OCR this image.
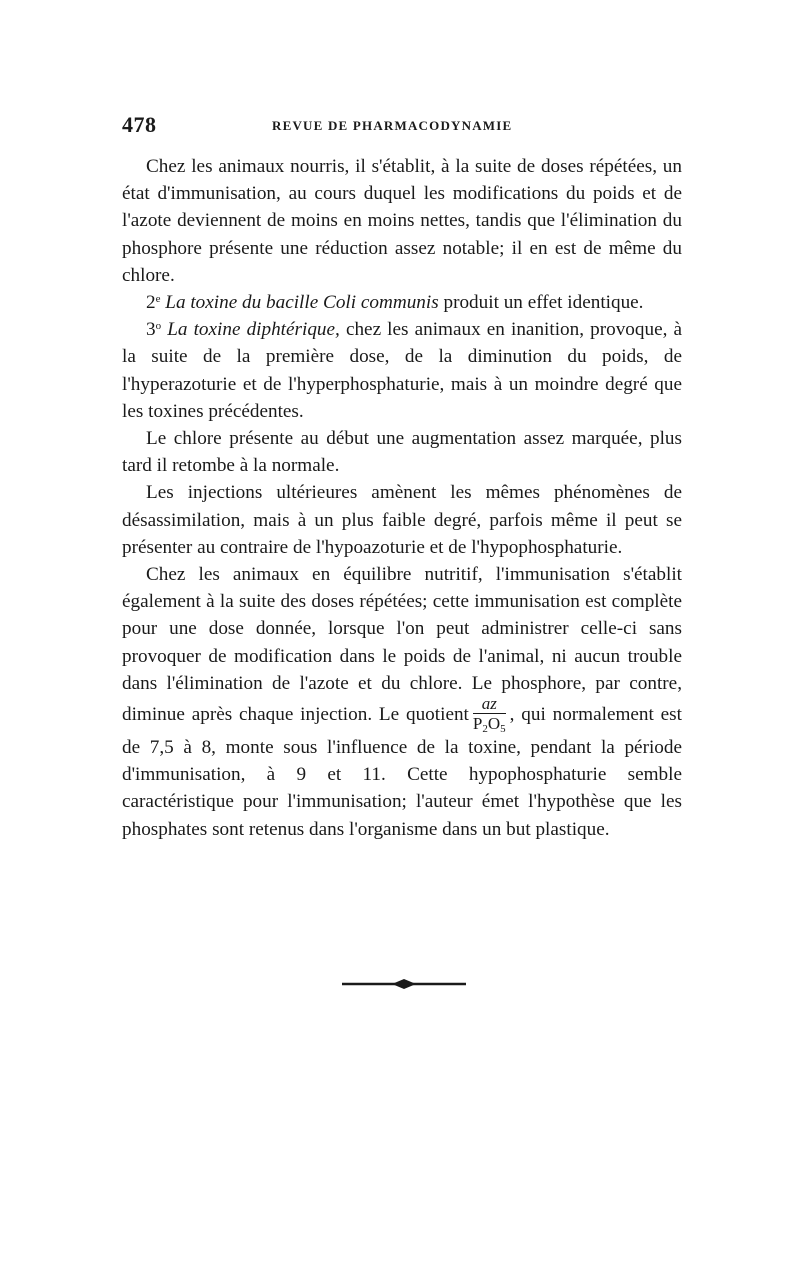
478	REVUE DE PHARMACODYNAMIE

Chez les animaux nourris, il s'établit, à la suite de doses répétées, un état d'immunisation, au cours duquel les modifications du poids et de l'azote deviennent de moins en moins nettes, tandis que l'élimination du phosphore présente une réduction assez notable; il en est de même du chlore.

2e La toxine du bacille Coli communis produit un effet identique.

3$^o$ La toxine diphtérique, chez les animaux en inanition, provoque, à la suite de la première dose, de la diminution du poids, de l'hyperazoturie et de l'hyperphosphaturie, mais à un moindre degré que les toxines précédentes.

Le chlore présente au début une augmentation assez marquée, plus tard il retombe à la normale.

Les injections ultérieures amènent les mêmes phénomènes de désassimilation, mais à un plus faible degré, parfois même il peut se présenter au contraire de l'hypoazoturie et de l'hypophosphaturie.

Chez les animaux en équilibre nutritif, l'immunisation s'établit également à la suite des doses répétées; cette immunisation est complète pour une dose donnée, lorsque l'on peut administrer celle-ci sans provoquer de modification dans le poids de l'animal, ni aucun trouble dans l'élimination de l'azote et du chlore. Le phosphore, par contre, diminue après chaque injection. Le quotient $\frac{az}{P_2O_5}$ , qui normalement est de 7,5 à 8, monte sous l'influence de la toxine, pendant la période d'immunisation, à 9 et 11. Cette hypophosphaturie semble caractéristique pour l'immunisation; l'auteur émet l'hypothèse que les phosphates sont retenus dans l'organisme dans un but plastique.
